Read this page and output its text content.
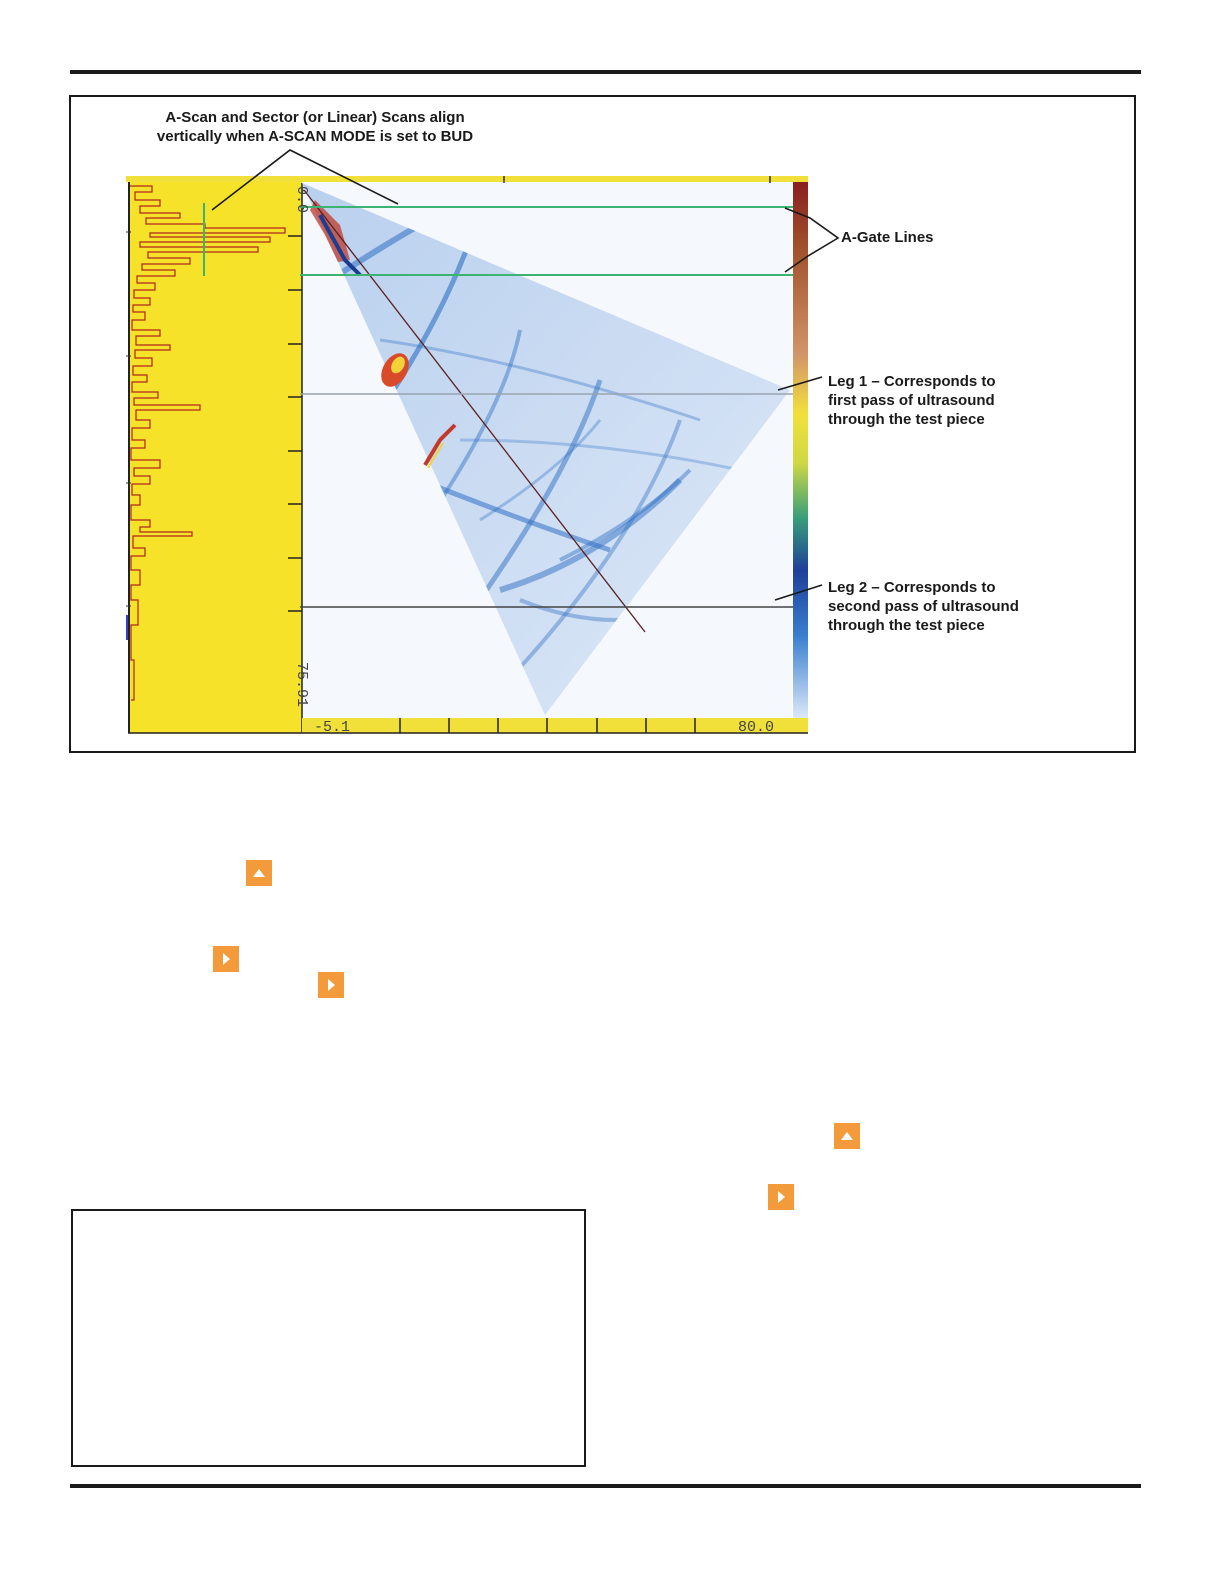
-5.1	80.0
0.0
75.91
A-Scan and Sector (or Linear) Scans align
vertically when A-SCAN MODE is set to BUD
A-Gate Lines
Leg 1 – Corresponds to
first pass of ultrasound
through the test piece
Leg 2 – Corresponds to
second pass of ultrasound
through the test piece
